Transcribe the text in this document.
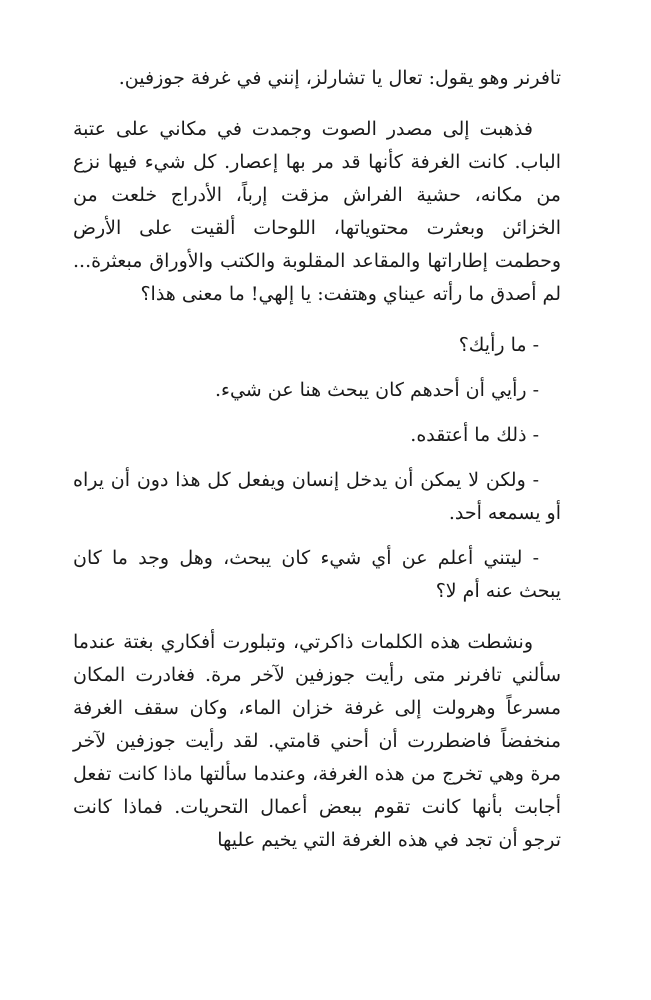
تافرنر وهو يقول: تعال يا تشارلز، إنني في غرفة جوزفين.

فذهبت إلى مصدر الصوت وجمدت في مكاني على عتبة الباب. كانت الغرفة كأنها قد مر بها إعصار. كل شيء فيها نزع من مكانه، حشية الفراش مزقت إرباً، الأدراج خلعت من الخزائن وبعثرت محتوياتها، اللوحات ألقيت على الأرض وحطمت إطاراتها والمقاعد المقلوبة والكتب والأوراق مبعثرة... لم أصدق ما رأته عيناي وهتفت: يا إلهي! ما معنى هذا؟

- ما رأيك؟

- رأيي أن أحدهم كان يبحث هنا عن شيء.

- ذلك ما أعتقده.

- ولكن لا يمكن أن يدخل إنسان ويفعل كل هذا دون أن يراه أو يسمعه أحد.

- ليتني أعلم عن أي شيء كان يبحث، وهل وجد ما كان يبحث عنه أم لا؟

ونشطت هذه الكلمات ذاكرتي، وتبلورت أفكاري بغتة عندما سألني تافرنر متى رأيت جوزفين لآخر مرة. فغادرت المكان مسرعاً وهرولت إلى غرفة خزان الماء، وكان سقف الغرفة منخفضاً فاضطررت أن أحني قامتي. لقد رأيت جوزفين لآخر مرة وهي تخرج من هذه الغرفة، وعندما سألتها ماذا كانت تفعل أجابت بأنها كانت تقوم ببعض أعمال التحريات. فماذا كانت ترجو أن تجد في هذه الغرفة التي يخيم عليها
